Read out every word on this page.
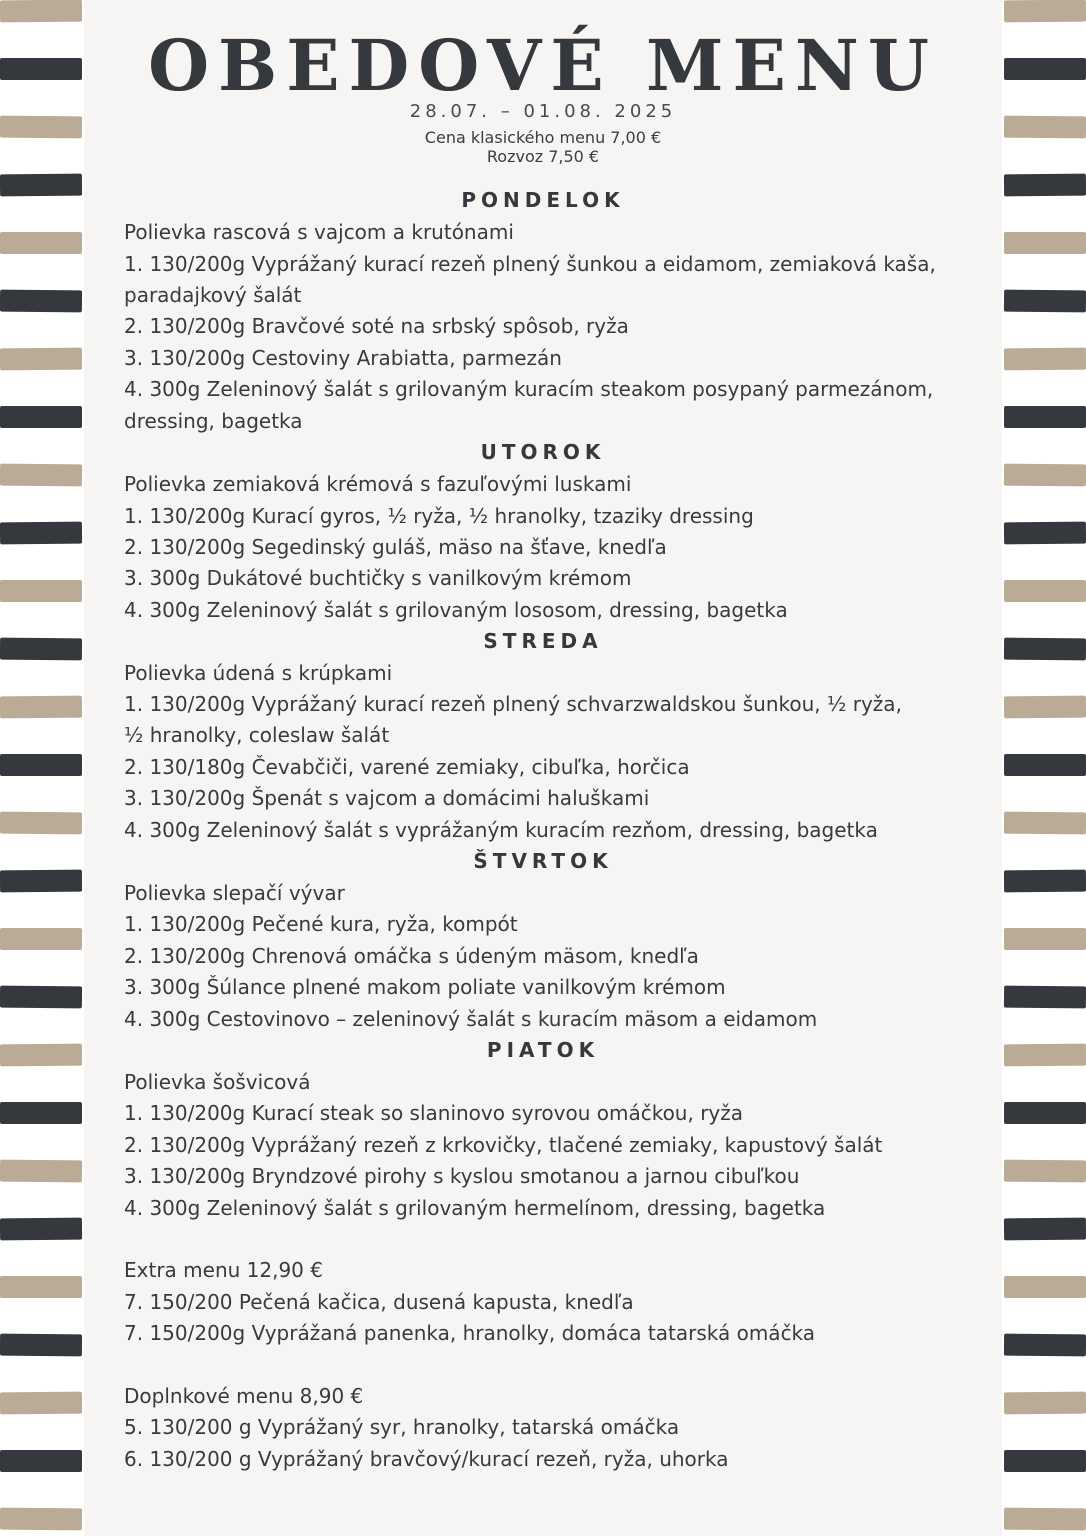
OBEDOVÉ MENU
28.07. – 01.08. 2025
Cena klasického menu 7,00 €
Rozvoz 7,50 €
PONDELOK
Polievka rascová s vajcom a krutónami
1. 130/200g Vyprážaný kurací rezeň plnený šunkou a eidamom, zemiaková kaša,
paradajkový šalát
2. 130/200g Bravčové soté na srbský spôsob, ryža
3. 130/200g Cestoviny Arabiatta, parmezán
4. 300g Zeleninový šalát s grilovaným kuracím steakom posypaný parmezánom,
dressing, bagetka
UTOROK
Polievka zemiaková krémová s fazuľovými luskami
1. 130/200g Kurací gyros, ½ ryža, ½ hranolky, tzaziky dressing
2. 130/200g Segedinský guláš, mäso na šťave, knedľa
3. 300g Dukátové buchtičky s vanilkovým krémom
4. 300g Zeleninový šalát s grilovaným lososom, dressing, bagetka
STREDA
Polievka údená s krúpkami
1. 130/200g Vyprážaný kurací rezeň plnený schvarzwaldskou šunkou, ½ ryža,
½ hranolky, coleslaw šalát
2. 130/180g Čevabčiči, varené zemiaky, cibuľka, horčica
3. 130/200g Špenát s vajcom a domácimi haluškami
4. 300g Zeleninový šalát s vyprážaným kuracím rezňom, dressing, bagetka
ŠTVRTOK
Polievka slepačí vývar
1. 130/200g Pečené kura, ryža, kompót
2. 130/200g Chrenová omáčka s údeným mäsom, knedľa
3. 300g Šúlance plnené makom poliate vanilkovým krémom
4. 300g Cestovinovo – zeleninový šalát s kuracím mäsom a eidamom
PIATOK
Polievka šošvicová
1. 130/200g Kurací steak so slaninovo syrovou omáčkou, ryža
2. 130/200g Vyprážaný rezeň z krkovičky, tlačené zemiaky, kapustový šalát
3. 130/200g Bryndzové pirohy s kyslou smotanou a jarnou cibuľkou
4. 300g Zeleninový šalát s grilovaným hermelínom, dressing, bagetka
Extra menu 12,90 €
7. 150/200 Pečená kačica, dusená kapusta, knedľa
7. 150/200g Vyprážaná panenka, hranolky, domáca tatarská omáčka
Doplnkové menu 8,90 €
5. 130/200 g Vyprážaný syr, hranolky, tatarská omáčka
6. 130/200 g Vyprážaný bravčový/kurací rezeň, ryža, uhorka
